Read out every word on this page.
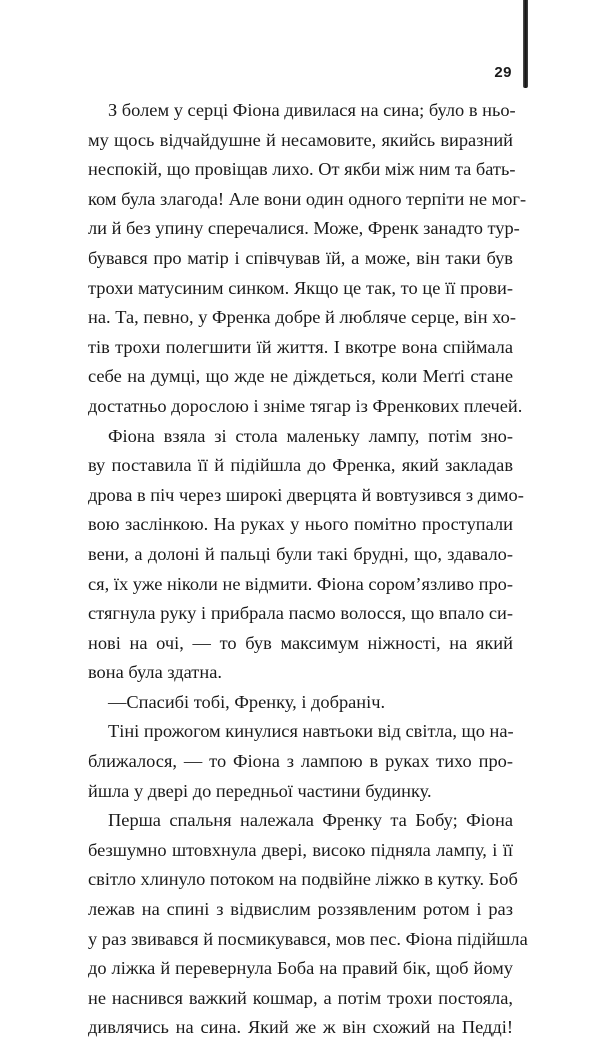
29
З болем у серці Фіона дивилася на сина; було в ньо-
му щось відчайдушне й несамовите, якийсь виразний
неспокій, що провіщав лихо. От якби між ним та бать-
ком була злагода! Але вони один одного терпіти не мог-
ли й без упину сперечалися. Може, Френк занадто тур-
бувався про матір і співчував їй, а може, він таки був
трохи матусиним синком. Якщо це так, то це її прови-
на. Та, певно, у Френка добре й люблячe серце, він хо-
тів трохи полегшити їй життя. І вкотре вона спіймала
себе на думці, що жде не діждеться, коли Меґґі стане
достатньо дорослою і зніме тягар із Френкових плечей.
Фіона взяла зі стола маленьку лампу, потім зно-
ву поставила її й підійшла до Френка, який закладав
дрова в піч через широкі дверцята й вовтузився з димо-
вою заслінкою. На руках у нього помітно проступали
вени, а долоні й пальці були такі брудні, що, здавало-
ся, їх уже ніколи не відмити. Фіона сором’язливо про-
стягнула руку і прибрала пасмо волосся, що впало си-
нові на очі, — то був максимум ніжності, на який
вона була здатна.
—Спасибі тобі, Френку, і добраніч.
Тіні прожогом кинулися навтьоки від світла, що на-
ближалося, — то Фіона з лампою в руках тихо про-
йшла у двері до передньої частини будинку.
Перша спальня належала Френку та Бобу; Фіона
безшумно штовхнула двері, високо підняла лампу, і її
світло хлинуло потоком на подвійне ліжко в кутку. Боб
лежав на спині з відвислим роззявленим ротом і раз
у раз звивався й посмикувався, мов пес. Фіона підійшла
до ліжка й перевернула Боба на правий бік, щоб йому
не наснився важкий кошмар, а потім трохи постояла,
дивлячись на сина. Який же ж він схожий на Педді!
